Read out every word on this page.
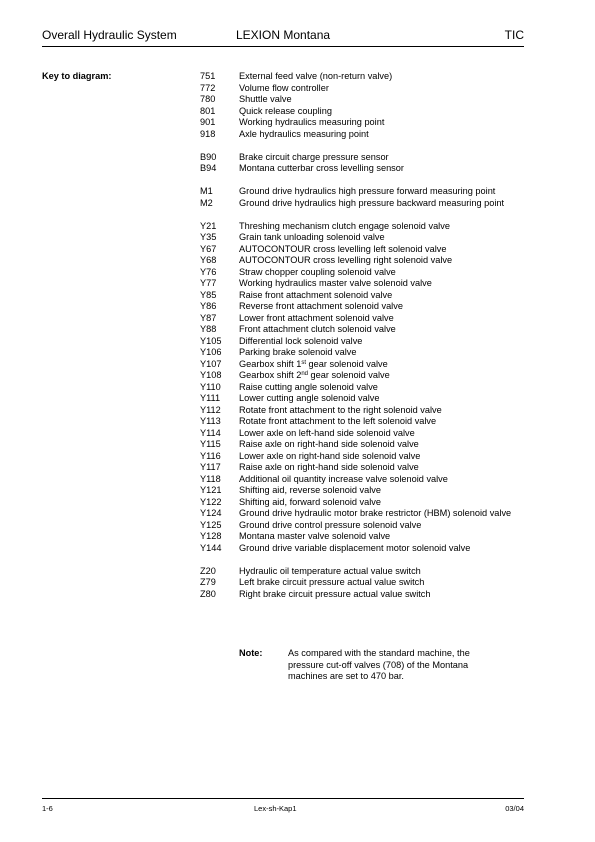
Overall Hydraulic System	LEXION Montana	TIC
Key to diagram:	751	External feed valve (non-return valve)
772	Volume flow controller
780	Shuttle valve
801	Quick release coupling
901	Working hydraulics measuring point
918	Axle hydraulics measuring point
B90	Brake circuit charge pressure sensor
B94	Montana cutterbar cross levelling sensor
M1	Ground drive hydraulics high pressure forward measuring point
M2	Ground drive hydraulics high pressure backward measuring point
Y21	Threshing mechanism clutch engage solenoid valve
Y35	Grain tank unloading solenoid valve
Y67	AUTOCONTOUR cross levelling left solenoid valve
Y68	AUTOCONTOUR cross levelling right solenoid valve
Y76	Straw chopper coupling solenoid valve
Y77	Working hydraulics master valve solenoid valve
Y85	Raise front attachment solenoid valve
Y86	Reverse front attachment solenoid valve
Y87	Lower front attachment solenoid valve
Y88	Front attachment clutch solenoid valve
Y105	Differential lock solenoid valve
Y106	Parking brake solenoid valve
Y107	Gearbox shift 1st gear solenoid valve
Y108	Gearbox shift 2nd gear solenoid valve
Y110	Raise cutting angle solenoid valve
Y111	Lower cutting angle solenoid valve
Y112	Rotate front attachment to the right solenoid valve
Y113	Rotate front attachment to the left solenoid valve
Y114	Lower axle on left-hand side solenoid valve
Y115	Raise axle on right-hand side solenoid valve
Y116	Lower axle on right-hand side solenoid valve
Y117	Raise axle on right-hand side solenoid valve
Y118	Additional oil quantity increase valve solenoid valve
Y121	Shifting aid, reverse solenoid valve
Y122	Shifting aid, forward solenoid valve
Y124	Ground drive hydraulic motor brake restrictor (HBM) solenoid valve
Y125	Ground drive control pressure solenoid valve
Y128	Montana master valve solenoid valve
Y144	Ground drive variable displacement motor solenoid valve
Z20	Hydraulic oil temperature actual value switch
Z79	Left brake circuit pressure actual value switch
Z80	Right brake circuit pressure actual value switch
Note:	As compared with the standard machine, the pressure cut-off valves (708) of the Montana machines are set to 470 bar.
1-6	Lex-sh-Kap1	03/04
